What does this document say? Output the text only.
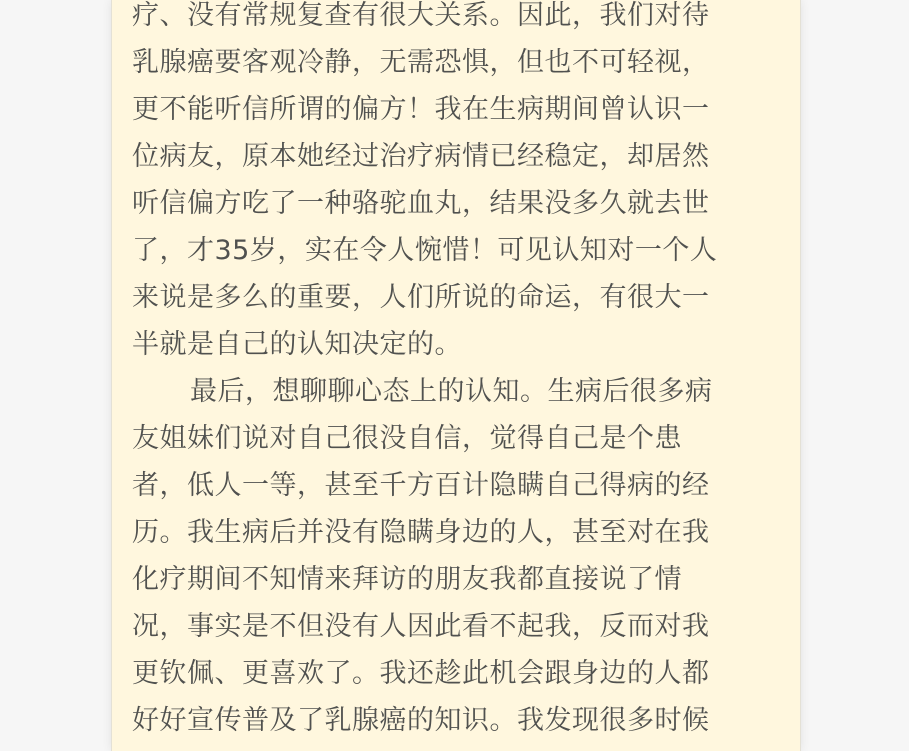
疗、没有常规复查有很大关系。因此，我们对待
乳腺癌要客观冷静，无需恐惧，但也不可轻视，
更不能听信所谓的偏方！我在生病期间曾认识一
位病友，原本她经过治疗病情已经稳定，却居然
听信偏方吃了一种骆驼血丸，结果没多久就去世
了，才35岁，实在令人惋惜！可见认知对一个人
来说是多么的重要，人们所说的命运，有很大一
半就是自己的认知决定的。
最后，想聊聊心态上的认知。生病后很多病
友姐妹们说对自己很没自信，觉得自己是个患
者，低人一等，甚至千方百计隐瞒自己得病的经
历。我生病后并没有隐瞒身边的人，甚至对在我
化疗期间不知情来拜访的朋友我都直接说了情
况，事实是不但没有人因此看不起我，反而对我
更钦佩、更喜欢了。我还趁此机会跟身边的人都
好好宣传普及了乳腺癌的知识。我发现很多时候
